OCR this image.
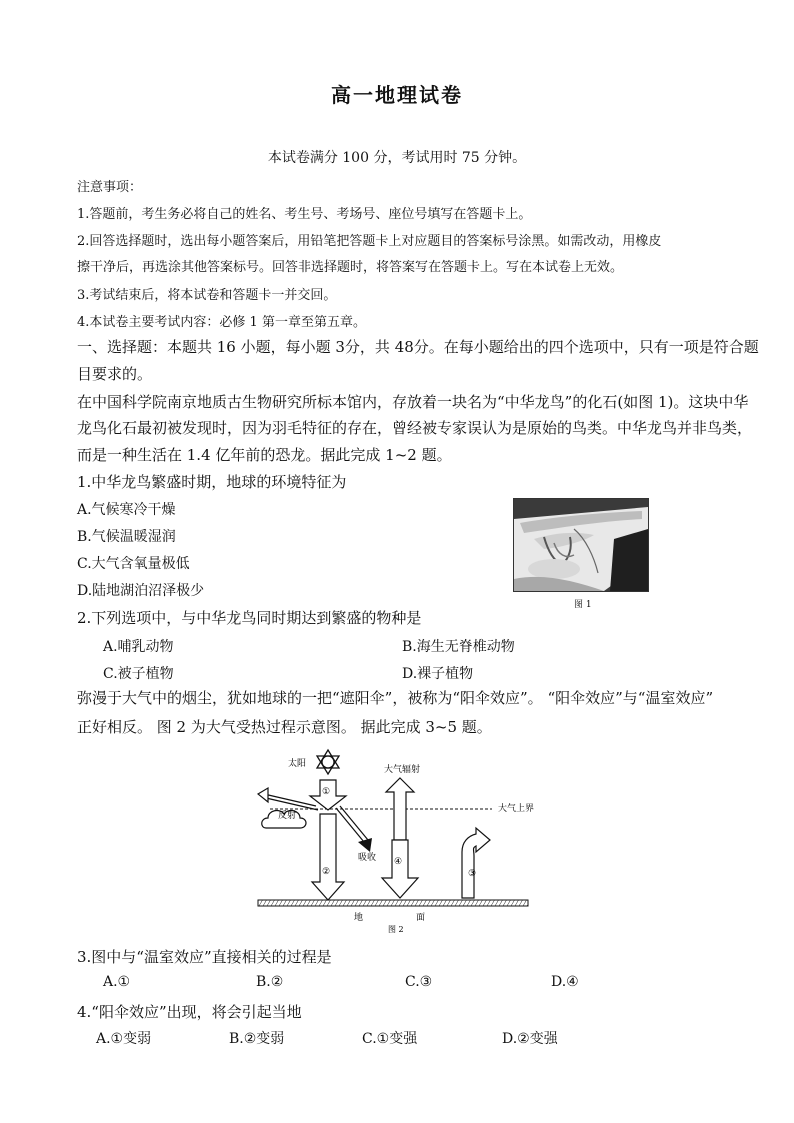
高一地理试卷
本试卷满分 100 分，考试用时 75 分钟。
注意事项：
1.答题前，考生务必将自己的姓名、考生号、考场号、座位号填写在答题卡上。
2.回答选择题时，选出每小题答案后，用铅笔把答题卡上对应题目的答案标号涂黑。如需改动，用橡皮
擦干净后，再选涂其他答案标号。回答非选择题时，将答案写在答题卡上。写在本试卷上无效。
3.考试结束后，将本试卷和答题卡一并交回。
4.本试卷主要考试内容：必修 1 第一章至第五章。
一、选择题：本题共 16 小题，每小题 3分，共 48分。在每小题给出的四个选项中，只有一项是符合题
目要求的。
在中国科学院南京地质古生物研究所标本馆内，存放着一块名为“中华龙鸟”的化石(如图 1)。这块中华
龙鸟化石最初被发现时，因为羽毛特征的存在，曾经被专家误认为是原始的鸟类。中华龙鸟并非鸟类，
而是一种生活在 1.4 亿年前的恐龙。据此完成 1~2 题。
1.中华龙鸟繁盛时期，地球的环境特征为
A.气候寒冷干燥
B.气候温暖湿润
C.大气含氧量极低
D.陆地湖泊沼泽极少
图 1
2.下列选项中，与中华龙鸟同时期达到繁盛的物种是
A.哺乳动物	B.海生无脊椎动物
C.被子植物	D.裸子植物
弥漫于大气中的烟尘，犹如地球的一把“遮阳伞”，被称为“阳伞效应”。 “阳伞效应”与“温室效应”
正好相反。 图 2 为大气受热过程示意图。 据此完成 3~5 题。
太阳
大气上界
①
反射
吸收
②
大气辐射
④
③
地	面
图 2
3.图中与“温室效应”直接相关的过程是
A.①	B.②	C.③	D.④
4.“阳伞效应”出现，将会引起当地
A.①变弱	B.②变弱	C.①变强	D.②变强
